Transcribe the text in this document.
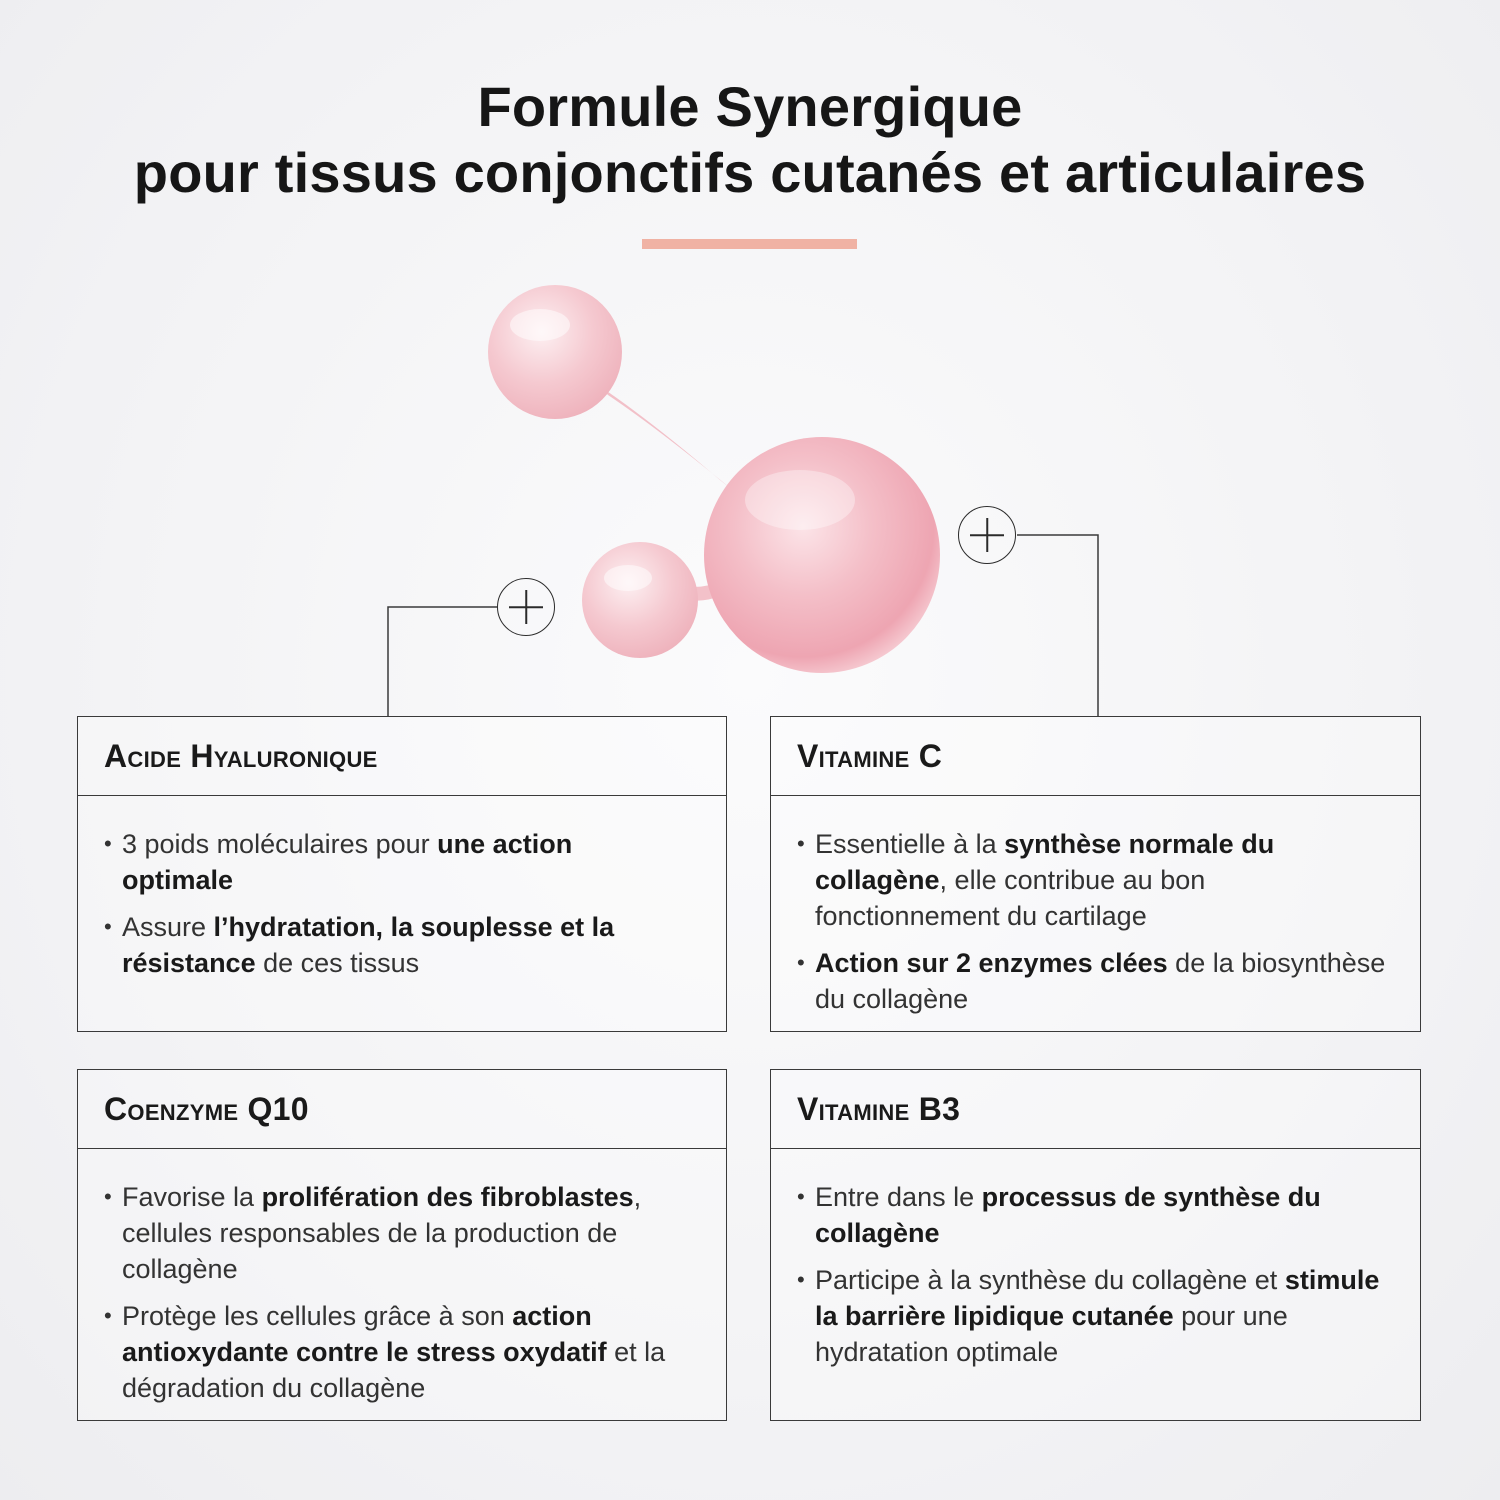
Formule Synergique
pour tissus conjonctifs cutanés et articulaires
Acide Hyaluronique
• 3 poids moléculaires pour une action optimale
• Assure l’hydratation, la souplesse et la résistance de ces tissus
Vitamine C
• Essentielle à la synthèse normale du collagène, elle contribue au bon fonctionnement du cartilage
• Action sur 2 enzymes clées de la biosynthèse du collagène
Coenzyme Q10
• Favorise la prolifération des fibroblastes, cellules responsables de la production de collagène
• Protège les cellules grâce à son action antioxydante contre le stress oxydatif et la dégradation du collagène
Vitamine B3
• Entre dans le processus de synthèse du collagène
• Participe à la synthèse du collagène et stimule la barrière lipidique cutanée pour une hydratation optimale
